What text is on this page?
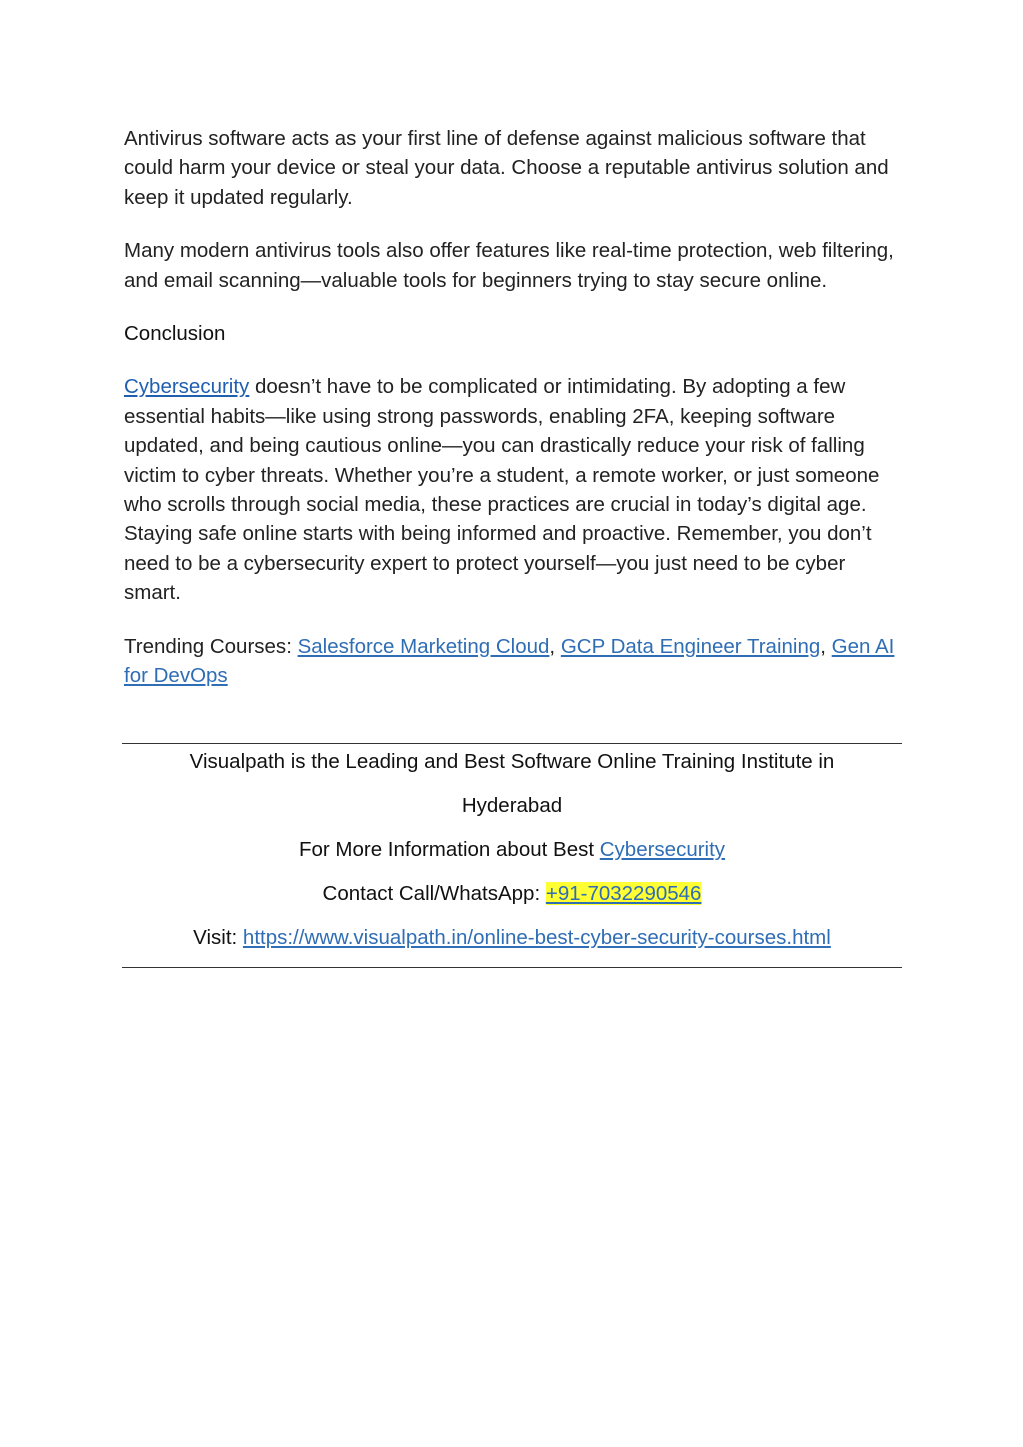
Antivirus software acts as your first line of defense against malicious software that could harm your device or steal your data. Choose a reputable antivirus solution and keep it updated regularly.

Many modern antivirus tools also offer features like real-time protection, web filtering, and email scanning—valuable tools for beginners trying to stay secure online.

Conclusion

Cybersecurity doesn’t have to be complicated or intimidating. By adopting a few essential habits—like using strong passwords, enabling 2FA, keeping software updated, and being cautious online—you can drastically reduce your risk of falling victim to cyber threats. Whether you’re a student, a remote worker, or just someone who scrolls through social media, these practices are crucial in today’s digital age. Staying safe online starts with being informed and proactive. Remember, you don’t need to be a cybersecurity expert to protect yourself—you just need to be cyber smart.

Trending Courses: Salesforce Marketing Cloud, GCP Data Engineer Training, Gen AI for DevOps

Visualpath is the Leading and Best Software Online Training Institute in
Hyderabad
For More Information about Best Cybersecurity
Contact Call/WhatsApp: +91-7032290546
Visit: https://www.visualpath.in/online-best-cyber-security-courses.html
